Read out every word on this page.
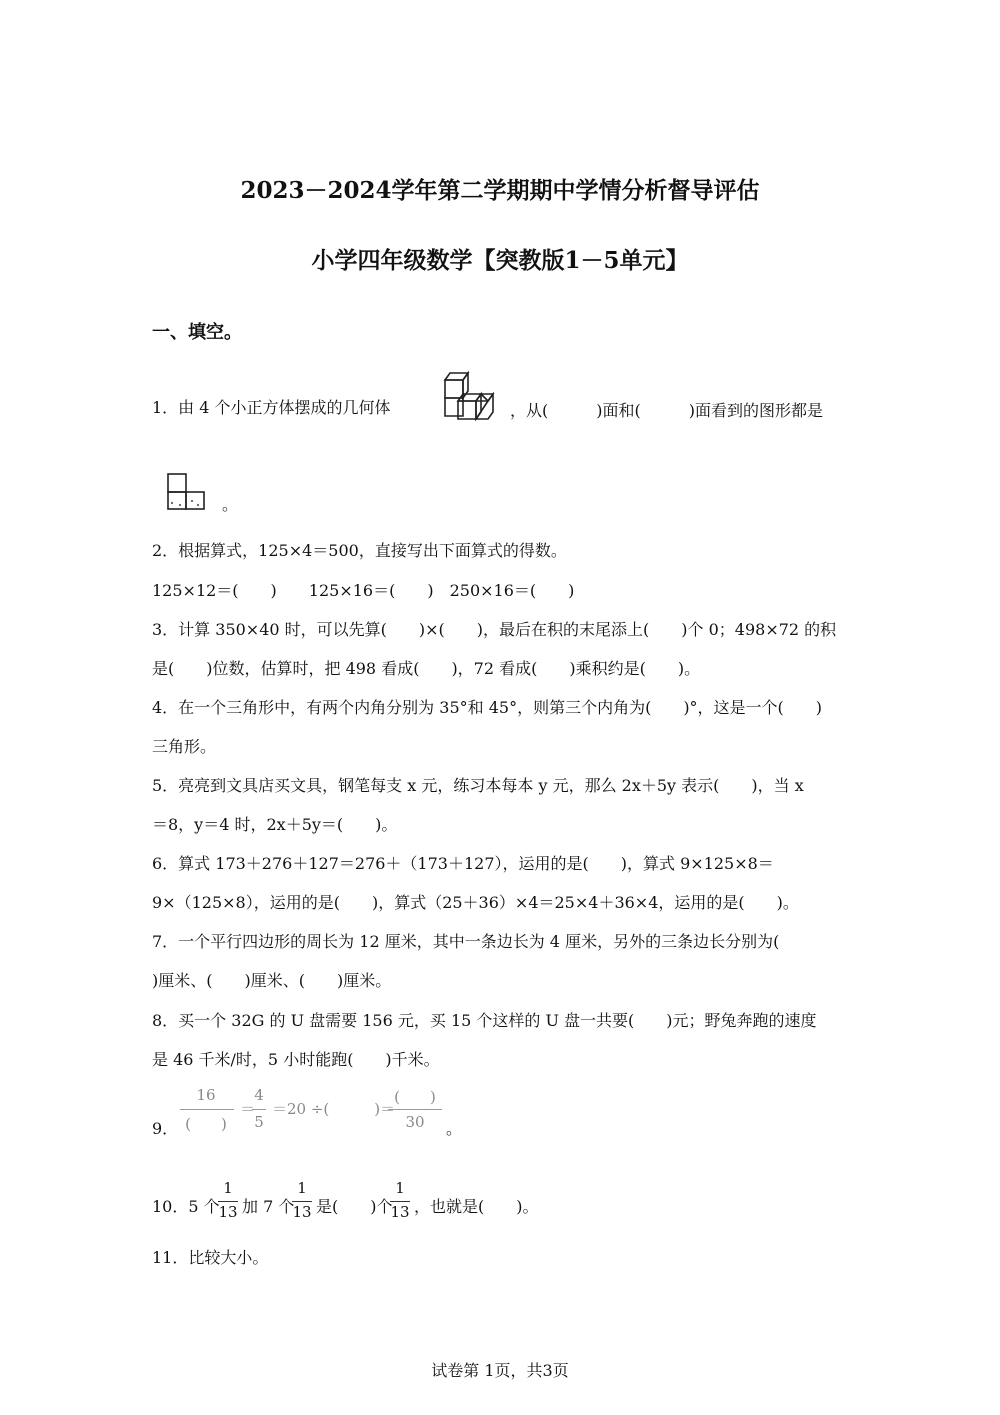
2023－2024学年第二学期期中学情分析督导评估
小学四年级数学【突教版1－5单元】
一、填空。
1．由 4 个小正方体摆成的几何体	，从(　　　)面和(　　　)面看到的图形都是
。
2．根据算式，125×4＝500，直接写出下面算式的得数。
125×12＝(　　)　　125×16＝(　　)　250×16＝(　　)
3．计算 350×40 时，可以先算(　　)×(　　)，最后在积的末尾添上(　　)个 0；498×72 的积
是(　　)位数，估算时，把 498 看成(　　)，72 看成(　　)乘积约是(　　)。
4．在一个三角形中，有两个内角分别为 35°和 45°，则第三个内角为(　　)°，这是一个(　　)
三角形。
5．亮亮到文具店买文具，钢笔每支 x 元，练习本每本 y 元，那么 2x＋5y 表示(　　)，当 x
＝8，y＝4 时，2x＋5y＝(　　)。
6．算式 173＋276＋127＝276＋（173＋127），运用的是(　　)，算式 9×125×8＝
9×（125×8），运用的是(　　)，算式（25＋36）×4＝25×4＋36×4，运用的是(　　)。
7．一个平行四边形的周长为 12 厘米，其中一条边长为 4 厘米，另外的三条边长分别为(
)厘米、(　　)厘米、(　　)厘米。
8．买一个 32G 的 U 盘需要 156 元，买 15 个这样的 U 盘一共要(　　)元；野兔奔跑的速度
是 46 千米/时，5 小时能跑(　　)千米。
9．
16
(　　)
＝
4
5
＝20 ÷(　　　)＝
(　　)
30	。
10．5 个
1
13 加 7 个
1
13 是(　　)个
1
13 ，也就是(　　)。
11．比较大小。
试卷第 1页，共3页
